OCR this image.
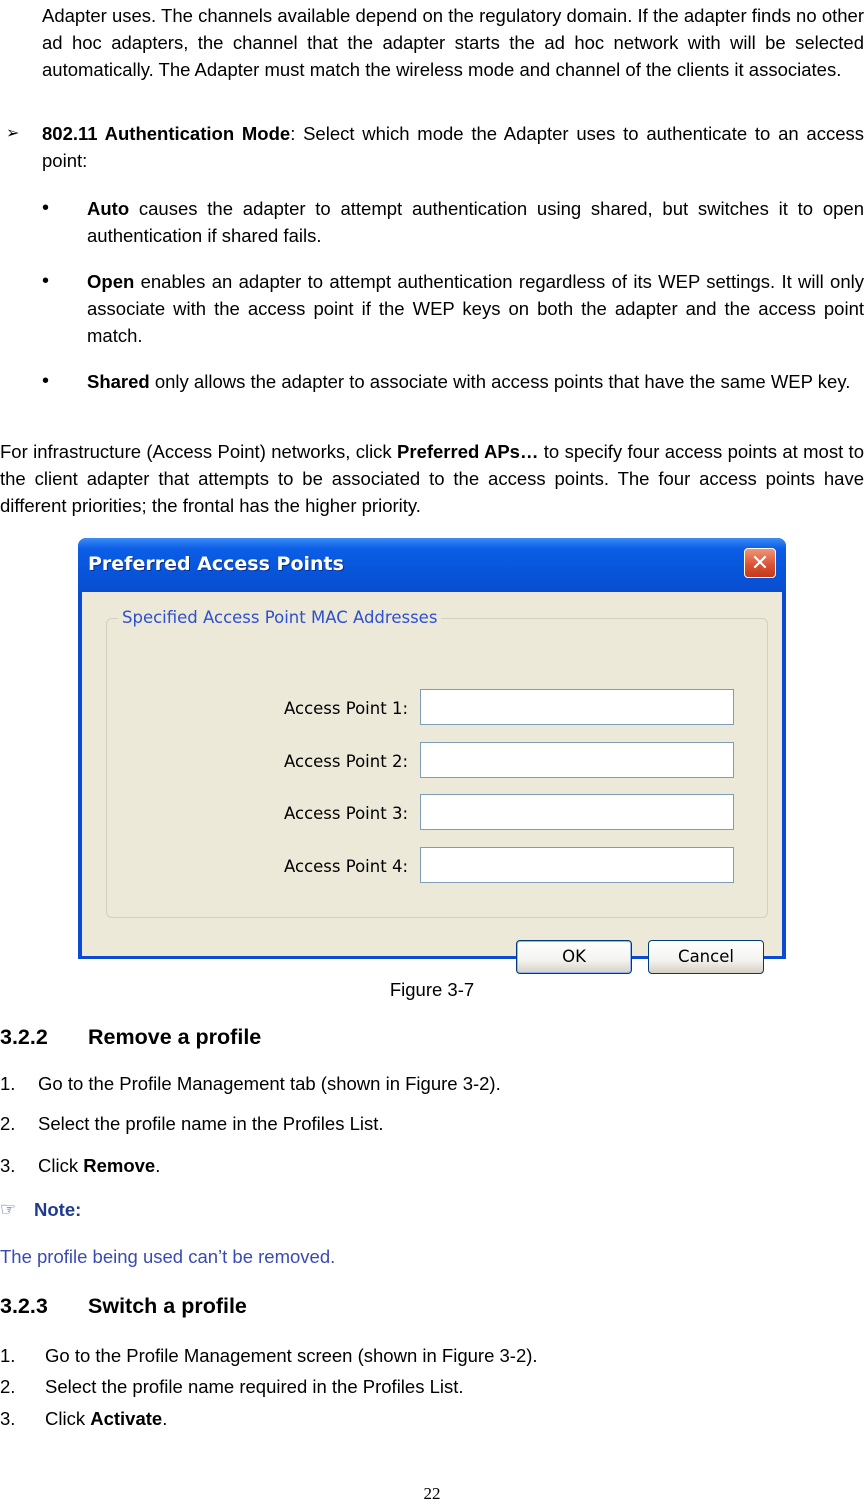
Adapter uses. The channels available depend on the regulatory domain. If the adapter finds no other ad hoc adapters, the channel that the adapter starts the ad hoc network with will be selected automatically. The Adapter must match the wireless mode and channel of the clients it associates.
➢ 802.11 Authentication Mode: Select which mode the Adapter uses to authenticate to an access point:
• Auto causes the adapter to attempt authentication using shared, but switches it to open authentication if shared fails.
• Open enables an adapter to attempt authentication regardless of its WEP settings. It will only associate with the access point if the WEP keys on both the adapter and the access point match.
• Shared only allows the adapter to associate with access points that have the same WEP key.
For infrastructure (Access Point) networks, click Preferred APs… to specify four access points at most to the client adapter that attempts to be associated to the access points. The four access points have different priorities; the frontal has the higher priority.
Preferred Access Points	✕
Specified Access Point MAC Addresses
Access Point 1:
Access Point 2:
Access Point 3:
Access Point 4:
OK	Cancel
Figure 3-7
3.2.2 Remove a profile
1. Go to the Profile Management tab (shown in Figure 3-2).
2. Select the profile name in the Profiles List.
3. Click Remove.
☞ Note:
The profile being used can’t be removed.
3.2.3 Switch a profile
1. Go to the Profile Management screen (shown in Figure 3-2).
2. Select the profile name required in the Profiles List.
3. Click Activate.
22
